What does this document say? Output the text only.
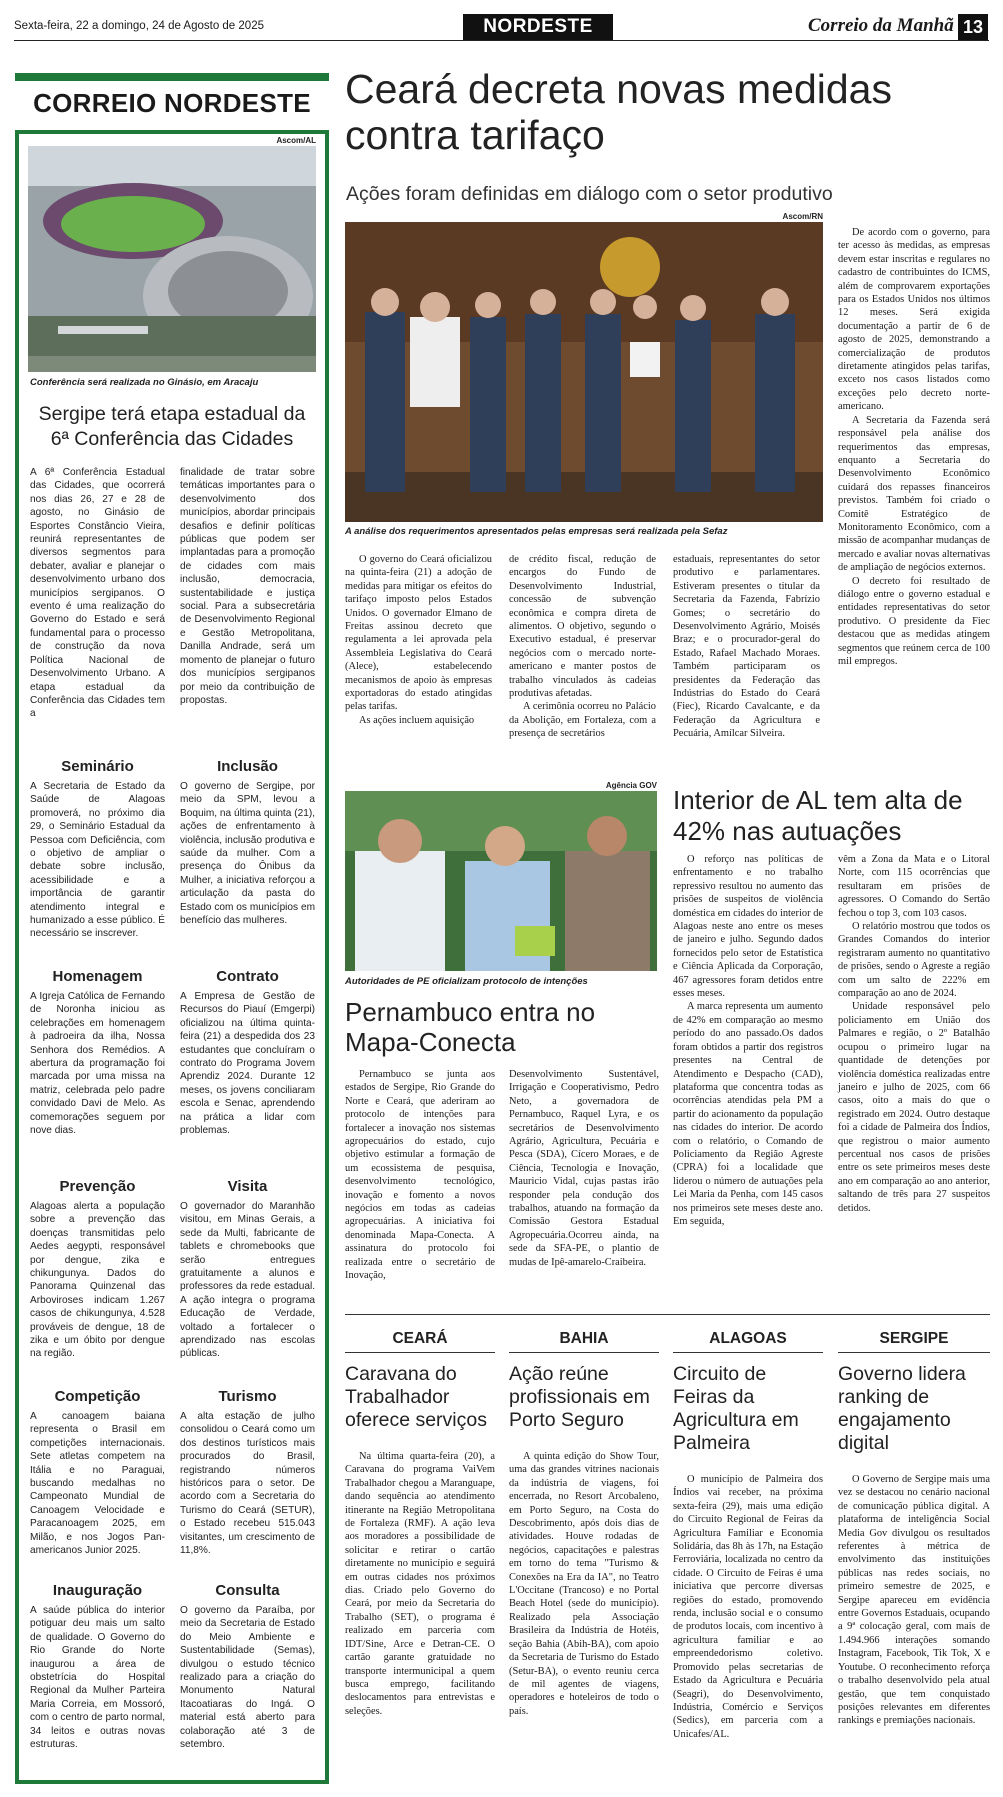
Sexta-feira, 22 a domingo, 24 de Agosto de 2025	NORDESTE	Correio da Manhã 13
CORREIO NORDESTE
Ascom/AL
Conferência será realizada no Ginásio, em Aracaju
Sergipe terá etapa estadual da 6ª Conferência das Cidades
A 6ª Conferência Estadual das Cidades, que ocorrerá nos dias 26, 27 e 28 de agosto, no Ginásio de Esportes Constâncio Vieira, reunirá representantes de diversos segmentos para debater, avaliar e planejar o desenvolvimento urbano dos municípios sergipanos. O evento é uma realização do Governo do Estado e será fundamental para o processo de construção da nova Política Nacional de Desenvolvimento Urbano. A etapa estadual da Conferência das Cidades tem a
finalidade de tratar sobre temáticas importantes para o desenvolvimento dos municípios, abordar principais desafios e definir políticas públicas que podem ser implantadas para a promoção de cidades com mais inclusão, democracia, sustentabilidade e justiça social. Para a subsecretária de Desenvolvimento Regional e Gestão Metropolitana, Danilla Andrade, será um momento de planejar o futuro dos municípios sergipanos por meio da contribuição de propostas.
Seminário
A Secretaria de Estado da Saúde de Alagoas promoverá, no próximo dia 29, o Seminário Estadual da Pessoa com Deficiência, com o objetivo de ampliar o debate sobre inclusão, acessibilidade e a importância de garantir atendimento integral e humanizado a esse público. É necessário se inscrever.
Homenagem
A Igreja Católica de Fernando de Noronha iniciou as celebrações em homenagem à padroeira da ilha, Nossa Senhora dos Remédios. A abertura da programação foi marcada por uma missa na matriz, celebrada pelo padre convidado Davi de Melo. As comemorações seguem por nove dias.
Prevenção
Alagoas alerta a população sobre a prevenção das doenças transmitidas pelo Aedes aegypti, responsável por dengue, zika e chikungunya. Dados do Panorama Quinzenal das Arboviroses indicam 1.267 casos de chikungunya, 4.528 prováveis de dengue, 18 de zika e um óbito por dengue na região.
Competição
A canoagem baiana representa o Brasil em competições internacionais. Sete atletas competem na Itália e no Paraguai, buscando medalhas no Campeonato Mundial de Canoagem Velocidade e Paracanoagem 2025, em Milão, e nos Jogos Pan-americanos Junior 2025.
Inauguração
A saúde pública do interior potiguar deu mais um salto de qualidade. O Governo do Rio Grande do Norte inaugurou a área de obstetrícia do Hospital Regional da Mulher Parteira Maria Correia, em Mossoró, com o centro de parto normal, 34 leitos e outras novas estruturas.
Inclusão
O governo de Sergipe, por meio da SPM, levou a Boquim, na última quinta (21), ações de enfrentamento à violência, inclusão produtiva e saúde da mulher. Com a presença do Ônibus da Mulher, a iniciativa reforçou a articulação da pasta do Estado com os municípios em benefício das mulheres.
Contrato
A Empresa de Gestão de Recursos do Piauí (Emgerpi) oficializou na última quinta-feira (21) a despedida dos 23 estudantes que concluíram o contrato do Programa Jovem Aprendiz 2024. Durante 12 meses, os jovens conciliaram escola e Senac, aprendendo na prática a lidar com problemas.
Visita
O governador do Maranhão visitou, em Minas Gerais, a sede da Multi, fabricante de tablets e chromebooks que serão entregues gratuitamente a alunos e professores da rede estadual. A ação integra o programa Educação de Verdade, voltado a fortalecer o aprendizado nas escolas públicas.
Turismo
A alta estação de julho consolidou o Ceará como um dos destinos turísticos mais procurados do Brasil, registrando números históricos para o setor. De acordo com a Secretaria do Turismo do Ceará (SETUR), o Estado recebeu 515.043 visitantes, um crescimento de 11,8%.
Consulta
O governo da Paraíba, por meio da Secretaria de Estado do Meio Ambiente e Sustentabilidade (Semas), divulgou o estudo técnico realizado para a criação do Monumento Natural Itacoatiaras do Ingá. O material está aberto para colaboração até 3 de setembro.
Ceará decreta novas medidas contra tarifaço
Ações foram definidas em diálogo com o setor produtivo
Ascom/RN
A análise dos requerimentos apresentados pelas empresas será realizada pela Sefaz

O governo do Ceará oficializou na quinta-feira (21) a adoção de medidas para mitigar os efeitos do tarifaço imposto pelos Estados Unidos. O governador Elmano de Freitas assinou decreto que regulamenta a lei aprovada pela Assembleia Legislativa do Ceará (Alece), estabelecendo mecanismos de apoio às empresas exportadoras do estado atingidas pelas tarifas.

As ações incluem aquisição

de crédito fiscal, redução de encargos do Fundo de Desenvolvimento Industrial, concessão de subvenção econômica e compra direta de alimentos. O objetivo, segundo o Executivo estadual, é preservar negócios com o mercado norte-americano e manter postos de trabalho vinculados às cadeias produtivas afetadas.

A cerimônia ocorreu no Palácio da Abolição, em Fortaleza, com a presença de secretários

estaduais, representantes do setor produtivo e parlamentares. Estiveram presentes o titular da Secretaria da Fazenda, Fabrízio Gomes; o secretário do Desenvolvimento Agrário, Moisés Braz; e o procurador-geral do Estado, Rafael Machado Moraes. Também participaram os presidentes da Federação das Indústrias do Estado do Ceará (Fiec), Ricardo Cavalcante, e da Federação da Agricultura e Pecuária, Amílcar Silveira.

De acordo com o governo, para ter acesso às medidas, as empresas devem estar inscritas e regulares no cadastro de contribuintes do ICMS, além de comprovarem exportações para os Estados Unidos nos últimos 12 meses. Será exigida documentação a partir de 6 de agosto de 2025, demonstrando a comercialização de produtos diretamente atingidos pelas tarifas, exceto nos casos listados como exceções pelo decreto norte-americano.

A Secretaria da Fazenda será responsável pela análise dos requerimentos das empresas, enquanto a Secretaria do Desenvolvimento Econômico cuidará dos repasses financeiros previstos. Também foi criado o Comitê Estratégico de Monitoramento Econômico, com a missão de acompanhar mudanças de mercado e avaliar novas alternativas de ampliação de negócios externos.

O decreto foi resultado de diálogo entre o governo estadual e entidades representativas do setor produtivo. O presidente da Fiec destacou que as medidas atingem segmentos que reúnem cerca de 100 mil empregos.

Agência GOV
Autoridades de PE oficializam protocolo de intenções
Pernambuco entra no Mapa-Conecta

Pernambuco se junta aos estados de Sergipe, Rio Grande do Norte e Ceará, que aderiram ao protocolo de intenções para fortalecer a inovação nos sistemas agropecuários do estado, cujo objetivo estimular a formação de um ecossistema de pesquisa, desenvolvimento tecnológico, inovação e fomento a novos negócios em todas as cadeias agropecuárias. A iniciativa foi denominada Mapa-Conecta. A assinatura do protocolo foi realizada entre o secretário de Inovação,

Desenvolvimento Sustentável, Irrigação e Cooperativismo, Pedro Neto, a governadora de Pernambuco, Raquel Lyra, e os secretários de Desenvolvimento Agrário, Agricultura, Pecuária e Pesca (SDA), Cícero Moraes, e de Ciência, Tecnologia e Inovação, Mauricio Vidal, cujas pastas irão responder pela condução dos trabalhos, atuando na formação da Comissão Gestora Estadual Agropecuária.Ocorreu ainda, na sede da SFA-PE, o plantio de mudas de Ipê-amarelo-Craibeira.

Interior de AL tem alta de 42% nas autuações

O reforço nas políticas de enfrentamento e no trabalho repressivo resultou no aumento das prisões de suspeitos de violência doméstica em cidades do interior de Alagoas neste ano entre os meses de janeiro e julho. Segundo dados fornecidos pelo setor de Estatística e Ciência Aplicada da Corporação, 467 agressores foram detidos entre esses meses.

A marca representa um aumento de 42% em comparação ao mesmo período do ano passado.Os dados foram obtidos a partir dos registros presentes na Central de Atendimento e Despacho (CAD), plataforma que concentra todas as ocorrências atendidas pela PM a partir do acionamento da população nas cidades do interior. De acordo com o relatório, o Comando de Policiamento da Região Agreste (CPRA) foi a localidade que liderou o número de autuações pela Lei Maria da Penha, com 145 casos nos primeiros sete meses deste ano. Em seguida,

vêm a Zona da Mata e o Litoral Norte, com 115 ocorrências que resultaram em prisões de agressores. O Comando do Sertão fechou o top 3, com 103 casos.

O relatório mostrou que todos os Grandes Comandos do interior registraram aumento no quantitativo de prisões, sendo o Agreste a região com um salto de 222% em comparação ao ano de 2024.

Unidade responsável pelo policiamento em União dos Palmares e região, o 2º Batalhão ocupou o primeiro lugar na quantidade de detenções por violência doméstica realizadas entre janeiro e julho de 2025, com 66 casos, oito a mais do que o registrado em 2024. Outro destaque foi a cidade de Palmeira dos Índios, que registrou o maior aumento percentual nos casos de prisões entre os sete primeiros meses deste ano em comparação ao ano anterior, saltando de três para 27 suspeitos detidos.

CEARÁ
Caravana do Trabalhador oferece serviços

Na última quarta-feira (20), a Caravana do programa VaiVem Trabalhador chegou a Maranguape, dando sequência ao atendimento itinerante na Região Metropolitana de Fortaleza (RMF). A ação leva aos moradores a possibilidade de solicitar e retirar o cartão diretamente no município e seguirá em outras cidades nos próximos dias. Criado pelo Governo do Ceará, por meio da Secretaria do Trabalho (SET), o programa é realizado em parceria com IDT/Sine, Arce e Detran-CE. O cartão garante gratuidade no transporte intermunicipal a quem busca emprego, facilitando deslocamentos para entrevistas e seleções.

BAHIA
Ação reúne profissionais em Porto Seguro

A quinta edição do Show Tour, uma das grandes vitrines nacionais da indústria de viagens, foi encerrada, no Resort Arcobaleno, em Porto Seguro, na Costa do Descobrimento, após dois dias de atividades. Houve rodadas de negócios, capacitações e palestras em torno do tema "Turismo & Conexões na Era da IA", no Teatro L'Occitane (Trancoso) e no Portal Beach Hotel (sede do município). Realizado pela Associação Brasileira da Indústria de Hotéis, seção Bahia (Abih-BA), com apoio da Secretaria de Turismo do Estado (Setur-BA), o evento reuniu cerca de mil agentes de viagens, operadores e hoteleiros de todo o país.

ALAGOAS
Circuito de Feiras da Agricultura em Palmeira

O município de Palmeira dos Índios vai receber, na próxima sexta-feira (29), mais uma edição do Circuito Regional de Feiras da Agricultura Familiar e Economia Solidária, das 8h às 17h, na Estação Ferroviária, localizada no centro da cidade. O Circuito de Feiras é uma iniciativa que percorre diversas regiões do estado, promovendo renda, inclusão social e o consumo de produtos locais, com incentivo à agricultura familiar e ao empreendedorismo coletivo. Promovido pelas secretarias de Estado da Agricultura e Pecuária (Seagri), do Desenvolvimento, Indústria, Comércio e Serviços (Sedics), em parceria com a Unicafes/AL.

SERGIPE
Governo lidera ranking de engajamento digital

O Governo de Sergipe mais uma vez se destacou no cenário nacional de comunicação pública digital. A plataforma de inteligência Social Media Gov divulgou os resultados referentes à métrica de envolvimento das instituições públicas nas redes sociais, no primeiro semestre de 2025, e Sergipe apareceu em evidência entre Governos Estaduais, ocupando a 9ª colocação geral, com mais de 1.494.966 interações somando Instagram, Facebook, Tik Tok, X e Youtube. O reconhecimento reforça o trabalho desenvolvido pela atual gestão, que tem conquistado posições relevantes em diferentes rankings e premiações nacionais.
